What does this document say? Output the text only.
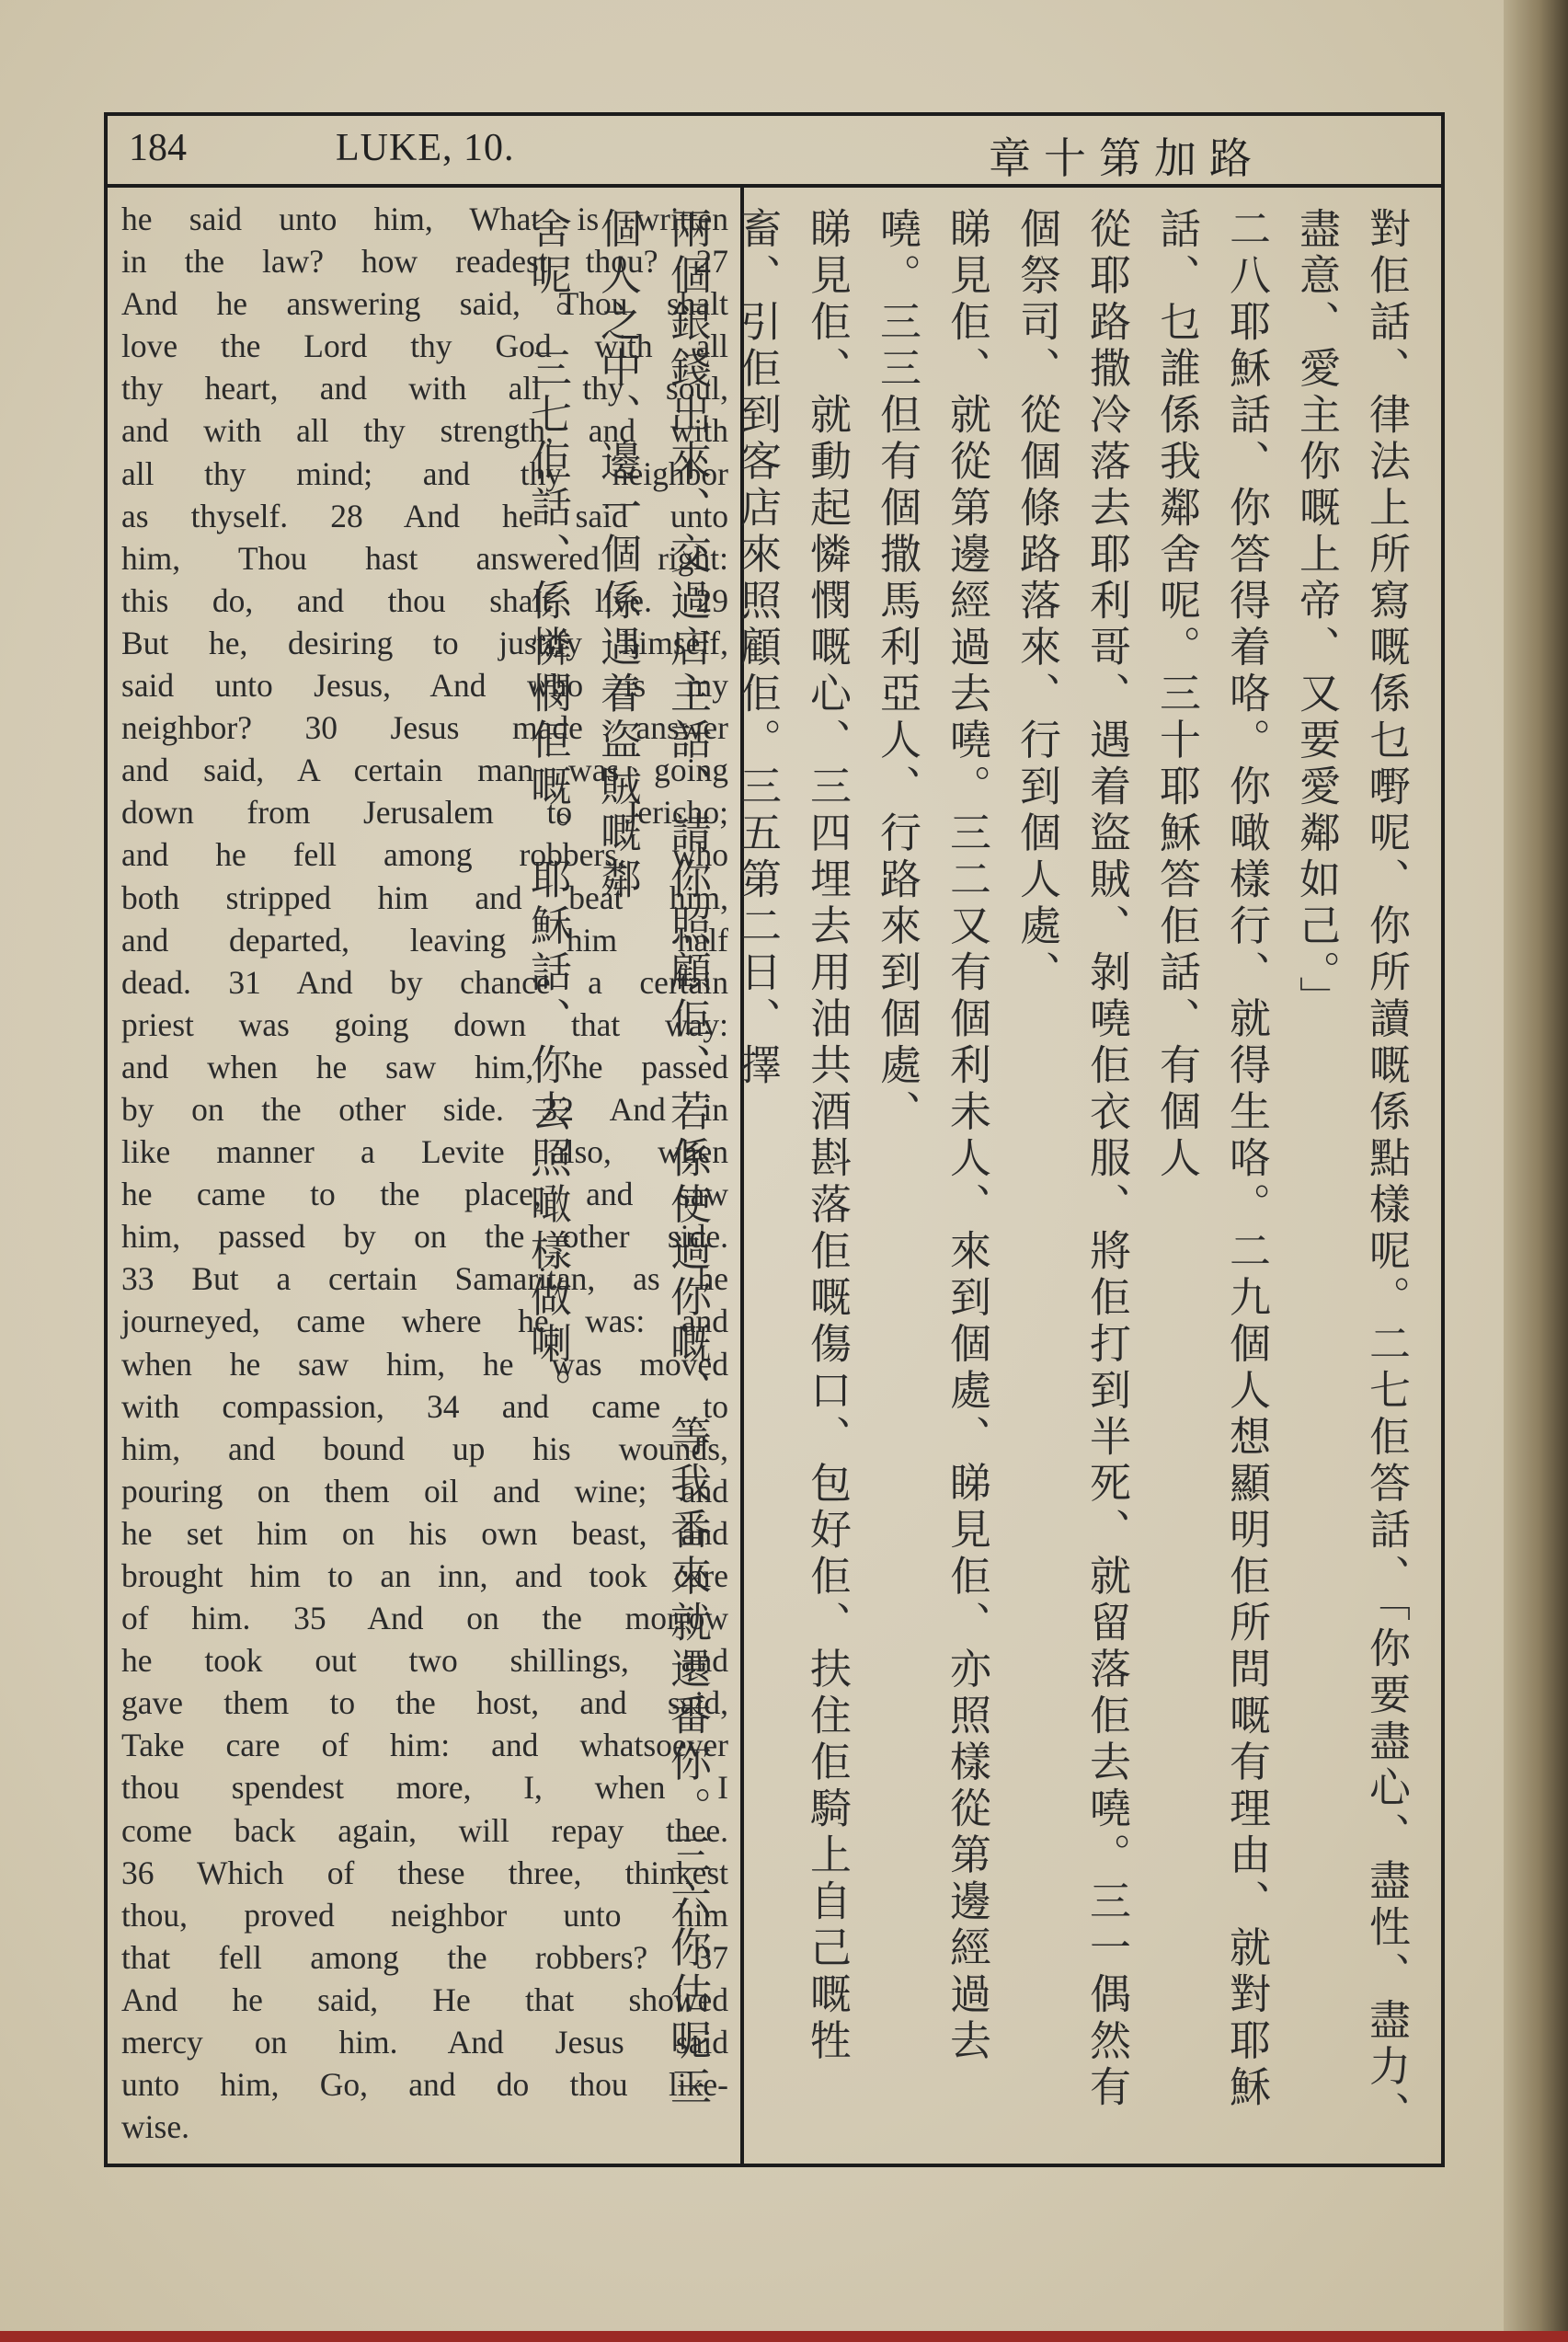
184	LUKE, 10.	路加第十章
he said unto him, What is written
in the law? how readest thou? 27
And he answering said, Thou shalt
love the Lord thy God with all
thy heart, and with all thy soul,
and with all thy strength, and with
all thy mind; and thy neighbor
as thyself. 28 And he said unto
him, Thou hast answered right:
this do, and thou shalt live. 29
But he, desiring to justify himself,
said unto Jesus, And who is my
neighbor? 30 Jesus made answer
and said, A certain man was going
down from Jerusalem to Jericho;
and he fell among robbers, who
both stripped him and beat him,
and departed, leaving him half
dead. 31 And by chance a certain
priest was going down that way:
and when he saw him, he passed
by on the other side. 32 And in
like manner a Levite also, when
he came to the place, and saw
him, passed by on the other side.
33 But a certain Samaritan, as he
journeyed, came where he was: and
when he saw him, he was moved
with compassion, 34 and came to
him, and bound up his wounds,
pouring on them oil and wine; and
he set him on his own beast, and
brought him to an inn, and took care
of him. 35 And on the morrow
he took out two shillings, and
gave them to the host, and said,
Take care of him: and whatsoever
thou spendest more, I, when I
come back again, will repay thee.
36 Which of these three, thinkest
thou, proved neighbor unto him
that fell among the robbers? 37
And he said, He that showed
mercy on him. And Jesus said
unto him, Go, and do thou like-
wise.	對佢話、律法上所寫嘅係乜嘢呢、你所讀嘅係點樣呢。二七佢答話、「你要盡心、盡性、盡力、盡意、愛主你嘅上帝、又要愛鄰如己。」
二八耶穌話、你答得着咯。你噉樣行、就得生咯。二九個人想顯明佢所問嘅有理由、就對耶穌話、乜誰係我鄰舍呢。三十耶穌答佢話、有個人
從耶路撒冷落去耶利哥、遇着盜賊、剝嘵佢衣服、將佢打到半死、就留落佢去嘵。三一偶然有個祭司、從個條路落來、行到個人處、
睇見佢、就從第邊經過去嘵。三二又有個利未人、來到個處、睇見佢、亦照樣從第邊經過去嘵。三三但有個撒馬利亞人、行路來到個處、
睇見佢、就動起憐憫嘅心、三四埋去用油共酒斟落佢嘅傷口、包好佢、扶住佢騎上自己嘅牲畜、引佢到客店來照顧佢。三五第二日、擇
兩個銀錢出來、交過店主話、請你照顧佢、若係使過你嘅、等我番來就還番你。三六你估呢三個人之中、邊一個係遇着盜賊嘅鄰
舍呢。三七佢話、係憐憫佢嘅。耶穌話、你去照噉樣做喇。
